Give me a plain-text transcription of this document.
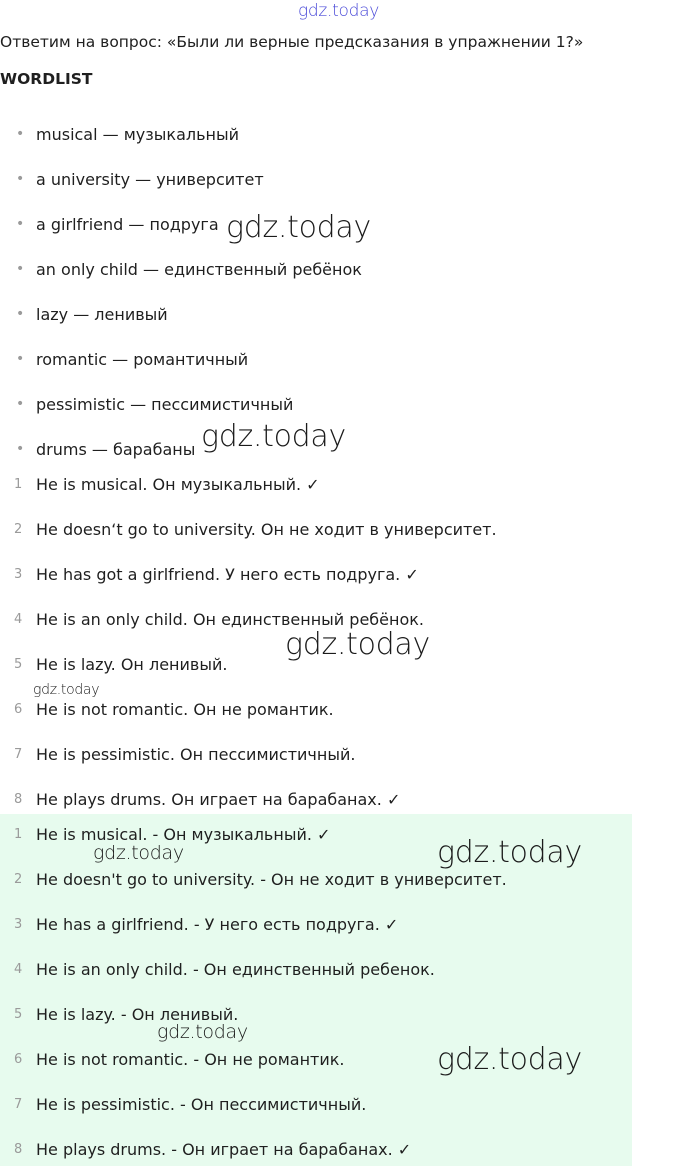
gdz.today
Ответим на вопрос: «Были ли верные предсказания в упражнении 1?»
WORDLIST
• musical — музыкальный
• a university — университет
• a girlfriend — подруга
• an only child — единственный ребёнок
• lazy — ленивый
• romantic — романтичный
• pessimistic — пессимистичный
• drums — барабаны
1 He is musical. Он музыкальный. ✓
2 He doesn‘t go to university. Он не ходит в университет.
3 He has got a girlfriend. У него есть подруга. ✓
4 He is an only child. Он единственный ребёнок.
5 He is lazy. Он ленивый.
6 He is not romantic. Он не романтик.
7 He is pessimistic. Он пессимистичный.
8 He plays drums. Он играет на барабанах. ✓
1 He is musical. - Он музыкальный. ✓
2 He doesn't go to university. - Он не ходит в университет.
3 He has a girlfriend. - У него есть подруга. ✓
4 He is an only child. - Он единственный ребенок.
5 He is lazy. - Он ленивый.
6 He is not romantic. - Он не романтик.
7 He is pessimistic. - Он пессимистичный.
8 He plays drums. - Он играет на барабанах. ✓
gdz.today
gdz.today
gdz.today
gdz.today
gdz.today	gdz.today
gdz.today
gdz.today
